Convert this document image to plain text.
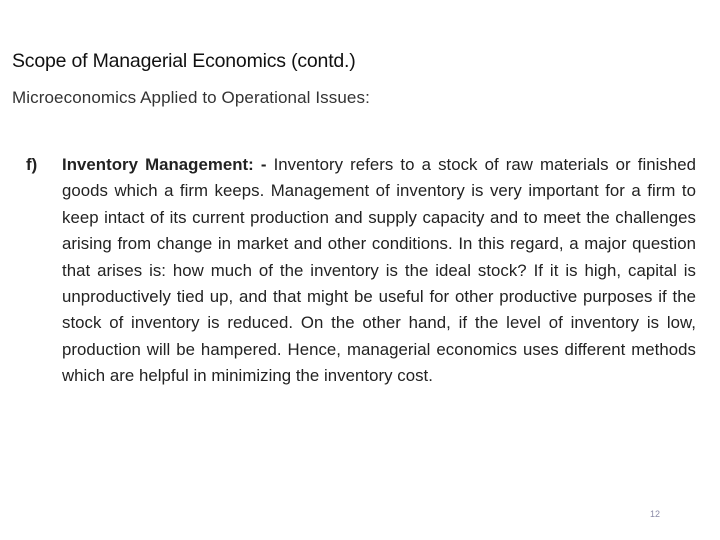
Scope of Managerial Economics (contd.)
Microeconomics Applied to Operational Issues:
f) Inventory Management: - Inventory refers to a stock of raw materials or finished goods which a firm keeps. Management of inventory is very important for a firm to keep intact of its current production and supply capacity and to meet the challenges arising from change in market and other conditions. In this regard, a major question that arises is: how much of the inventory is the ideal stock? If it is high, capital is unproductively tied up, and that might be useful for other productive purposes if the stock of inventory is reduced. On the other hand, if the level of inventory is low, production will be hampered. Hence, managerial economics uses different methods which are helpful in minimizing the inventory cost.
12
